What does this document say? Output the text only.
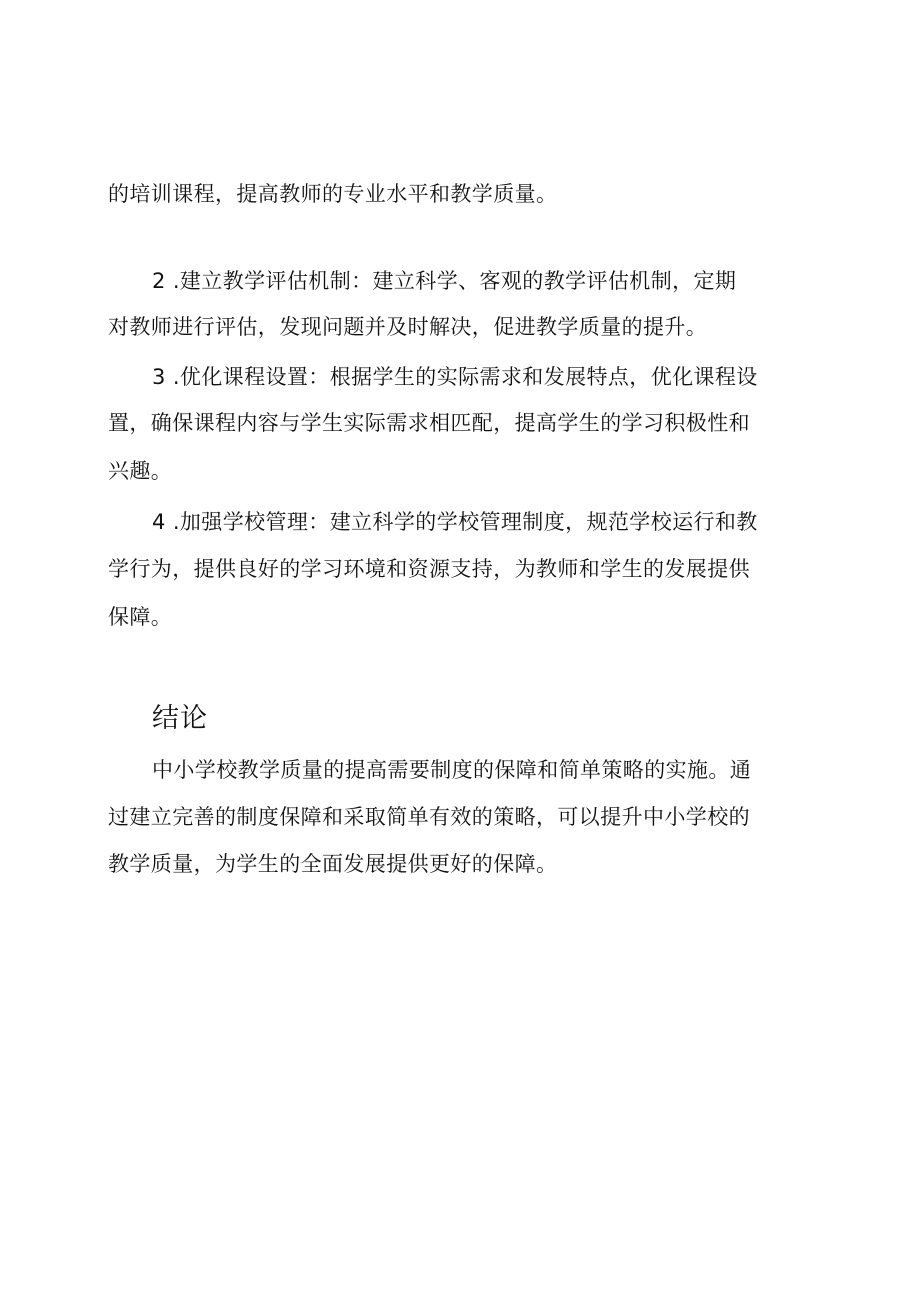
的培训课程，提高教师的专业水平和教学质量。
2 .建立教学评估机制：建立科学、客观的教学评估机制，定期
对教师进行评估，发现问题并及时解决，促进教学质量的提升。
3 .优化课程设置：根据学生的实际需求和发展特点，优化课程设
置，确保课程内容与学生实际需求相匹配，提高学生的学习积极性和
兴趣。
4 .加强学校管理：建立科学的学校管理制度，规范学校运行和教
学行为，提供良好的学习环境和资源支持，为教师和学生的发展提供
保障。
结论
中小学校教学质量的提高需要制度的保障和简单策略的实施。通
过建立完善的制度保障和采取简单有效的策略，可以提升中小学校的
教学质量，为学生的全面发展提供更好的保障。
